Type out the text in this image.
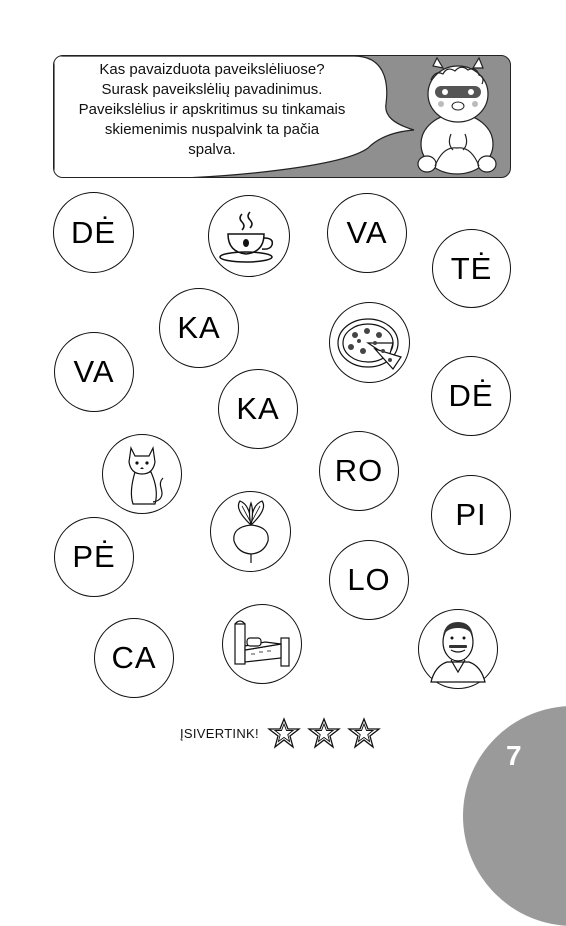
Kas pavaizduota paveikslėliuose?
Surask paveikslėlių pavadinimus.
Paveikslėlius ir apskritimus su tinkamais
skiemenimis nuspalvink ta pačia
spalva.
DĖ	VA
TĖ
KA
VA
DĖ
KA
RO
PI
PĖ
LO
CA
ĮSIVERTINK!
7
